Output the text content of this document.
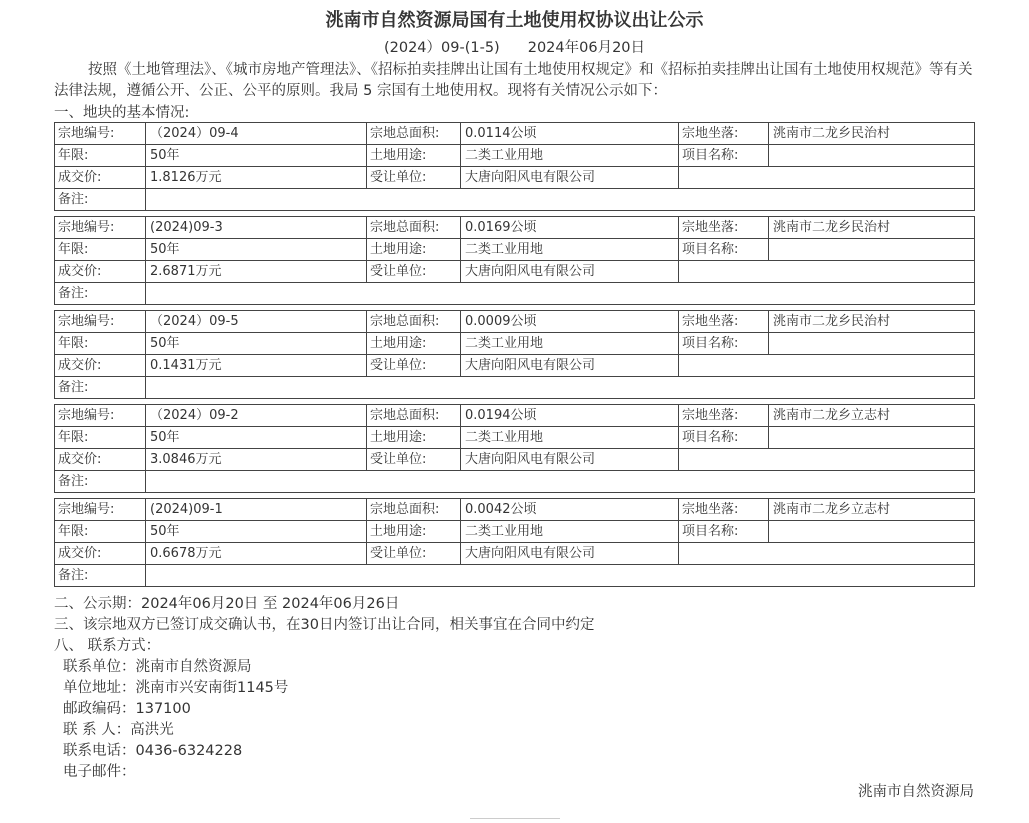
洮南市自然资源局国有土地使用权协议出让公示
(2024）09-(1-5) 2024年06月20日

按照《土地管理法》、《城市房地产管理法》、《招标拍卖挂牌出让国有土地使用权规定》和《招标拍卖挂牌出让国有土地使用权规范》等有关法律法规，遵循公开、公正、公平的原则。我局 5 宗国有土地使用权。现将有关情况公示如下：

一、地块的基本情况:
宗地编号:	（2024）09-4	宗地总面积:	0.0114公顷	宗地坐落:	洮南市二龙乡民治村
年限:	50年	土地用途:	二类工业用地	项目名称:	
成交价:	1.8126万元	受让单位:	大唐向阳风电有限公司		
备注:					
宗地编号:	(2024)09-3	宗地总面积:	0.0169公顷	宗地坐落:	洮南市二龙乡民治村
年限:	50年	土地用途:	二类工业用地	项目名称:	
成交价:	2.6871万元	受让单位:	大唐向阳风电有限公司		
备注:					
宗地编号:	（2024）09-5	宗地总面积:	0.0009公顷	宗地坐落:	洮南市二龙乡民治村
年限:	50年	土地用途:	二类工业用地	项目名称:	
成交价:	0.1431万元	受让单位:	大唐向阳风电有限公司		
备注:					
宗地编号:	（2024）09-2	宗地总面积:	0.0194公顷	宗地坐落:	洮南市二龙乡立志村
年限:	50年	土地用途:	二类工业用地	项目名称:	
成交价:	3.0846万元	受让单位:	大唐向阳风电有限公司		
备注:					
宗地编号:	(2024)09-1	宗地总面积:	0.0042公顷	宗地坐落:	洮南市二龙乡立志村
年限:	50年	土地用途:	二类工业用地	项目名称:	
成交价:	0.6678万元	受让单位:	大唐向阳风电有限公司		
备注:					
二、公示期：2024年06月20日 至 2024年06月26日
三、该宗地双方已签订成交确认书，在30日内签订出让合同，相关事宜在合同中约定
八、 联系方式：
联系单位：洮南市自然资源局
单位地址：洮南市兴安南街1145号
邮政编码：137100
联 系 人：高洪光
联系电话：0436-6324228
电子邮件：
洮南市自然资源局
